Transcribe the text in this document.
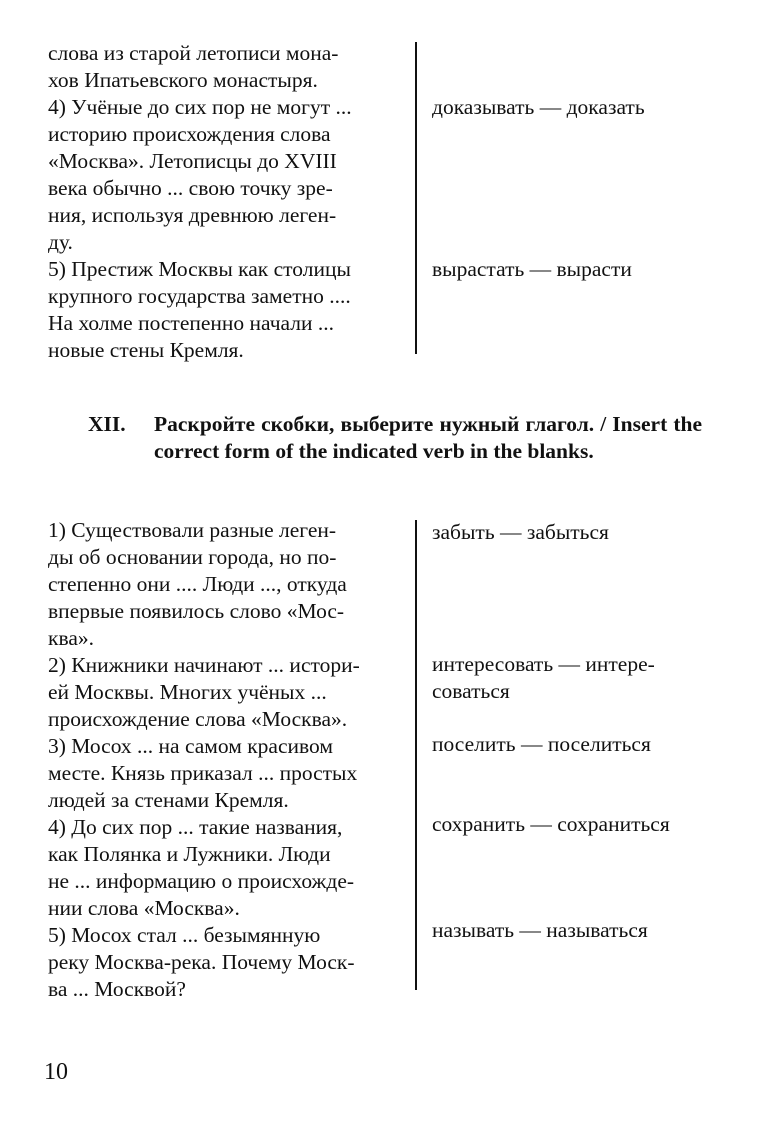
слова из старой летописи мона-

хов Ипатьевского монастыря.

4) Учёные до сих пор не могут ...

историю происхождения слова

«Москва». Летописцы до XVIII

века обычно ... свою точку зре-

ния, используя древнюю леген-

ду.

5) Престиж Москвы как столицы

крупного государства заметно ....

На холме постепенно начали ...

новые стены Кремля.

доказывать — доказать
вырастать — вырасти
XII. Раскройте скобки, выберите нужный глагол. / Insert the correct form of the indicated verb in the blanks.

1) Существовали разные леген-

ды об основании города, но по-

степенно они .... Люди ..., откуда

впервые появилось слово «Мос-

ква».

2) Книжники начинают ... истори-

ей Москвы. Многих учёных ...

происхождение слова «Москва».

3) Мосох ... на самом красивом

месте. Князь приказал ... простых

людей за стенами Кремля.

4) До сих пор ... такие названия,

как Полянка и Лужники. Люди

не ... информацию о происхожде-

нии слова «Москва».

5) Мосох стал ... безымянную

реку Москва-река. Почему Моск-

ва ... Москвой?

забыть — забыться
интересовать — интере-
соваться
поселить — поселиться
сохранить — сохраниться
называть — называться
10
